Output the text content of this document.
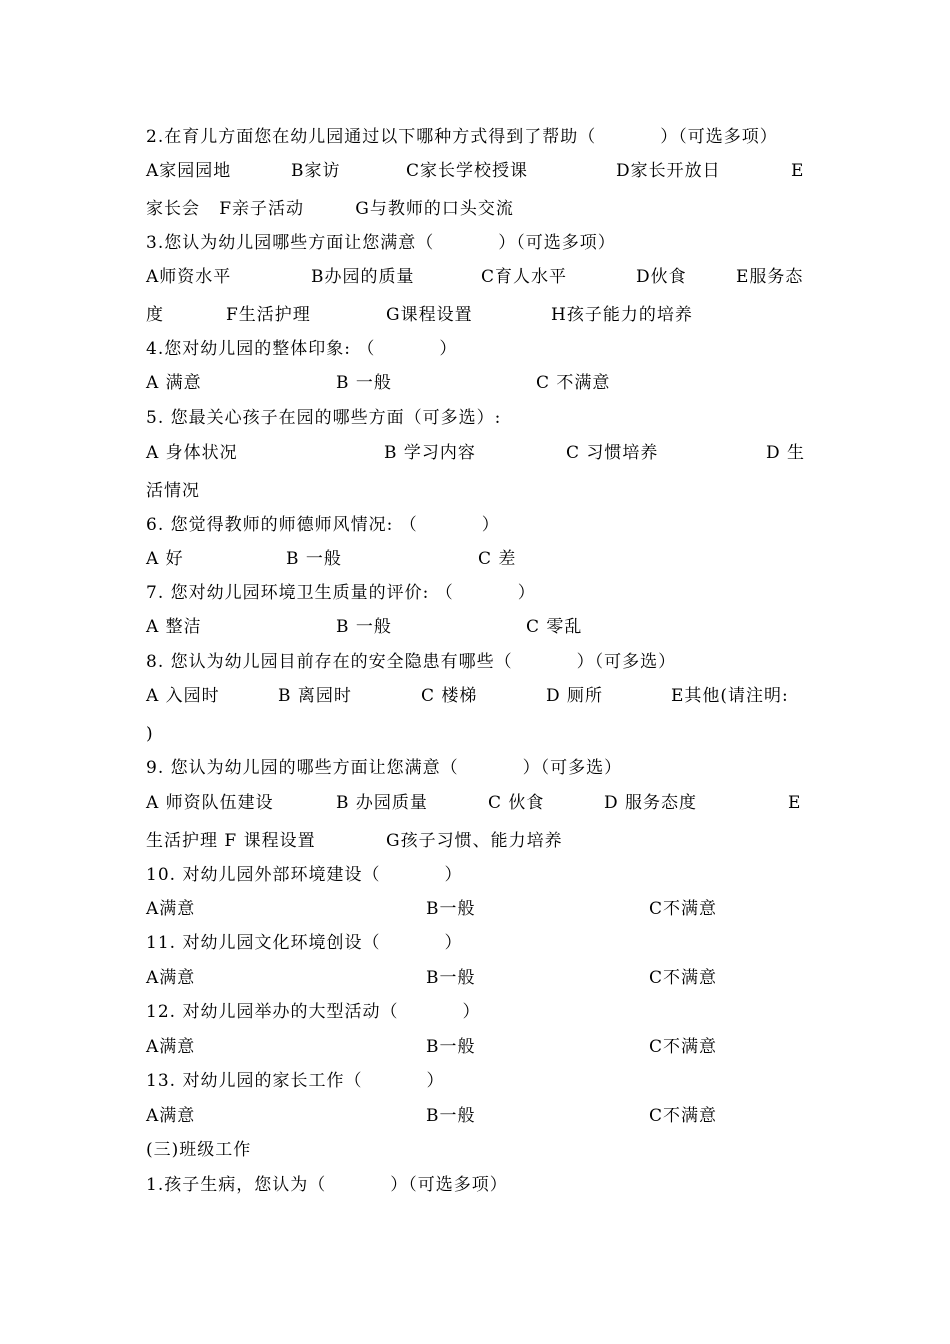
2.在育儿方面您在幼儿园通过以下哪种方式得到了帮助（          ）（可选多项）
A家园园地	B家访	C家长学校授课	D家长开放日	E
家长会   F亲子活动        G与教师的口头交流
3.您认为幼儿园哪些方面让您满意（          ）（可选多项）
A师资水平	B办园的质量	C育人水平	D伙食	E服务态
度	F生活护理	G课程设置	H孩子能力的培养
4.您对幼儿园的整体印象: （          ）
A 满意	B 一般	C 不满意
5. 您最关心孩子在园的哪些方面（可多选）:
A 身体状况	B 学习内容	C 习惯培养	D 生
活情况
6. 您觉得教师的师德师风情况: （          ）
A 好	B 一般	C 差
7. 您对幼儿园环境卫生质量的评价: （          ）
A 整洁	B 一般	C 零乱
8. 您认为幼儿园目前存在的安全隐患有哪些（          ）（可多选）
A 入园时	B 离园时	C 楼梯	D 厕所	E其他(请注明:
)
9. 您认为幼儿园的哪些方面让您满意（          ）（可多选）
A 师资队伍建设	B 办园质量	C 伙食	D 服务态度	E
生活护理 F 课程设置           G孩子习惯、能力培养
10. 对幼儿园外部环境建设（          ）
A满意	B一般	C不满意
11. 对幼儿园文化环境创设（          ）
A满意	B一般	C不满意
12. 对幼儿园举办的大型活动（          ）
A满意	B一般	C不满意
13. 对幼儿园的家长工作（          ）
A满意	B一般	C不满意
(三)班级工作
1.孩子生病，您认为（          ）（可选多项）
